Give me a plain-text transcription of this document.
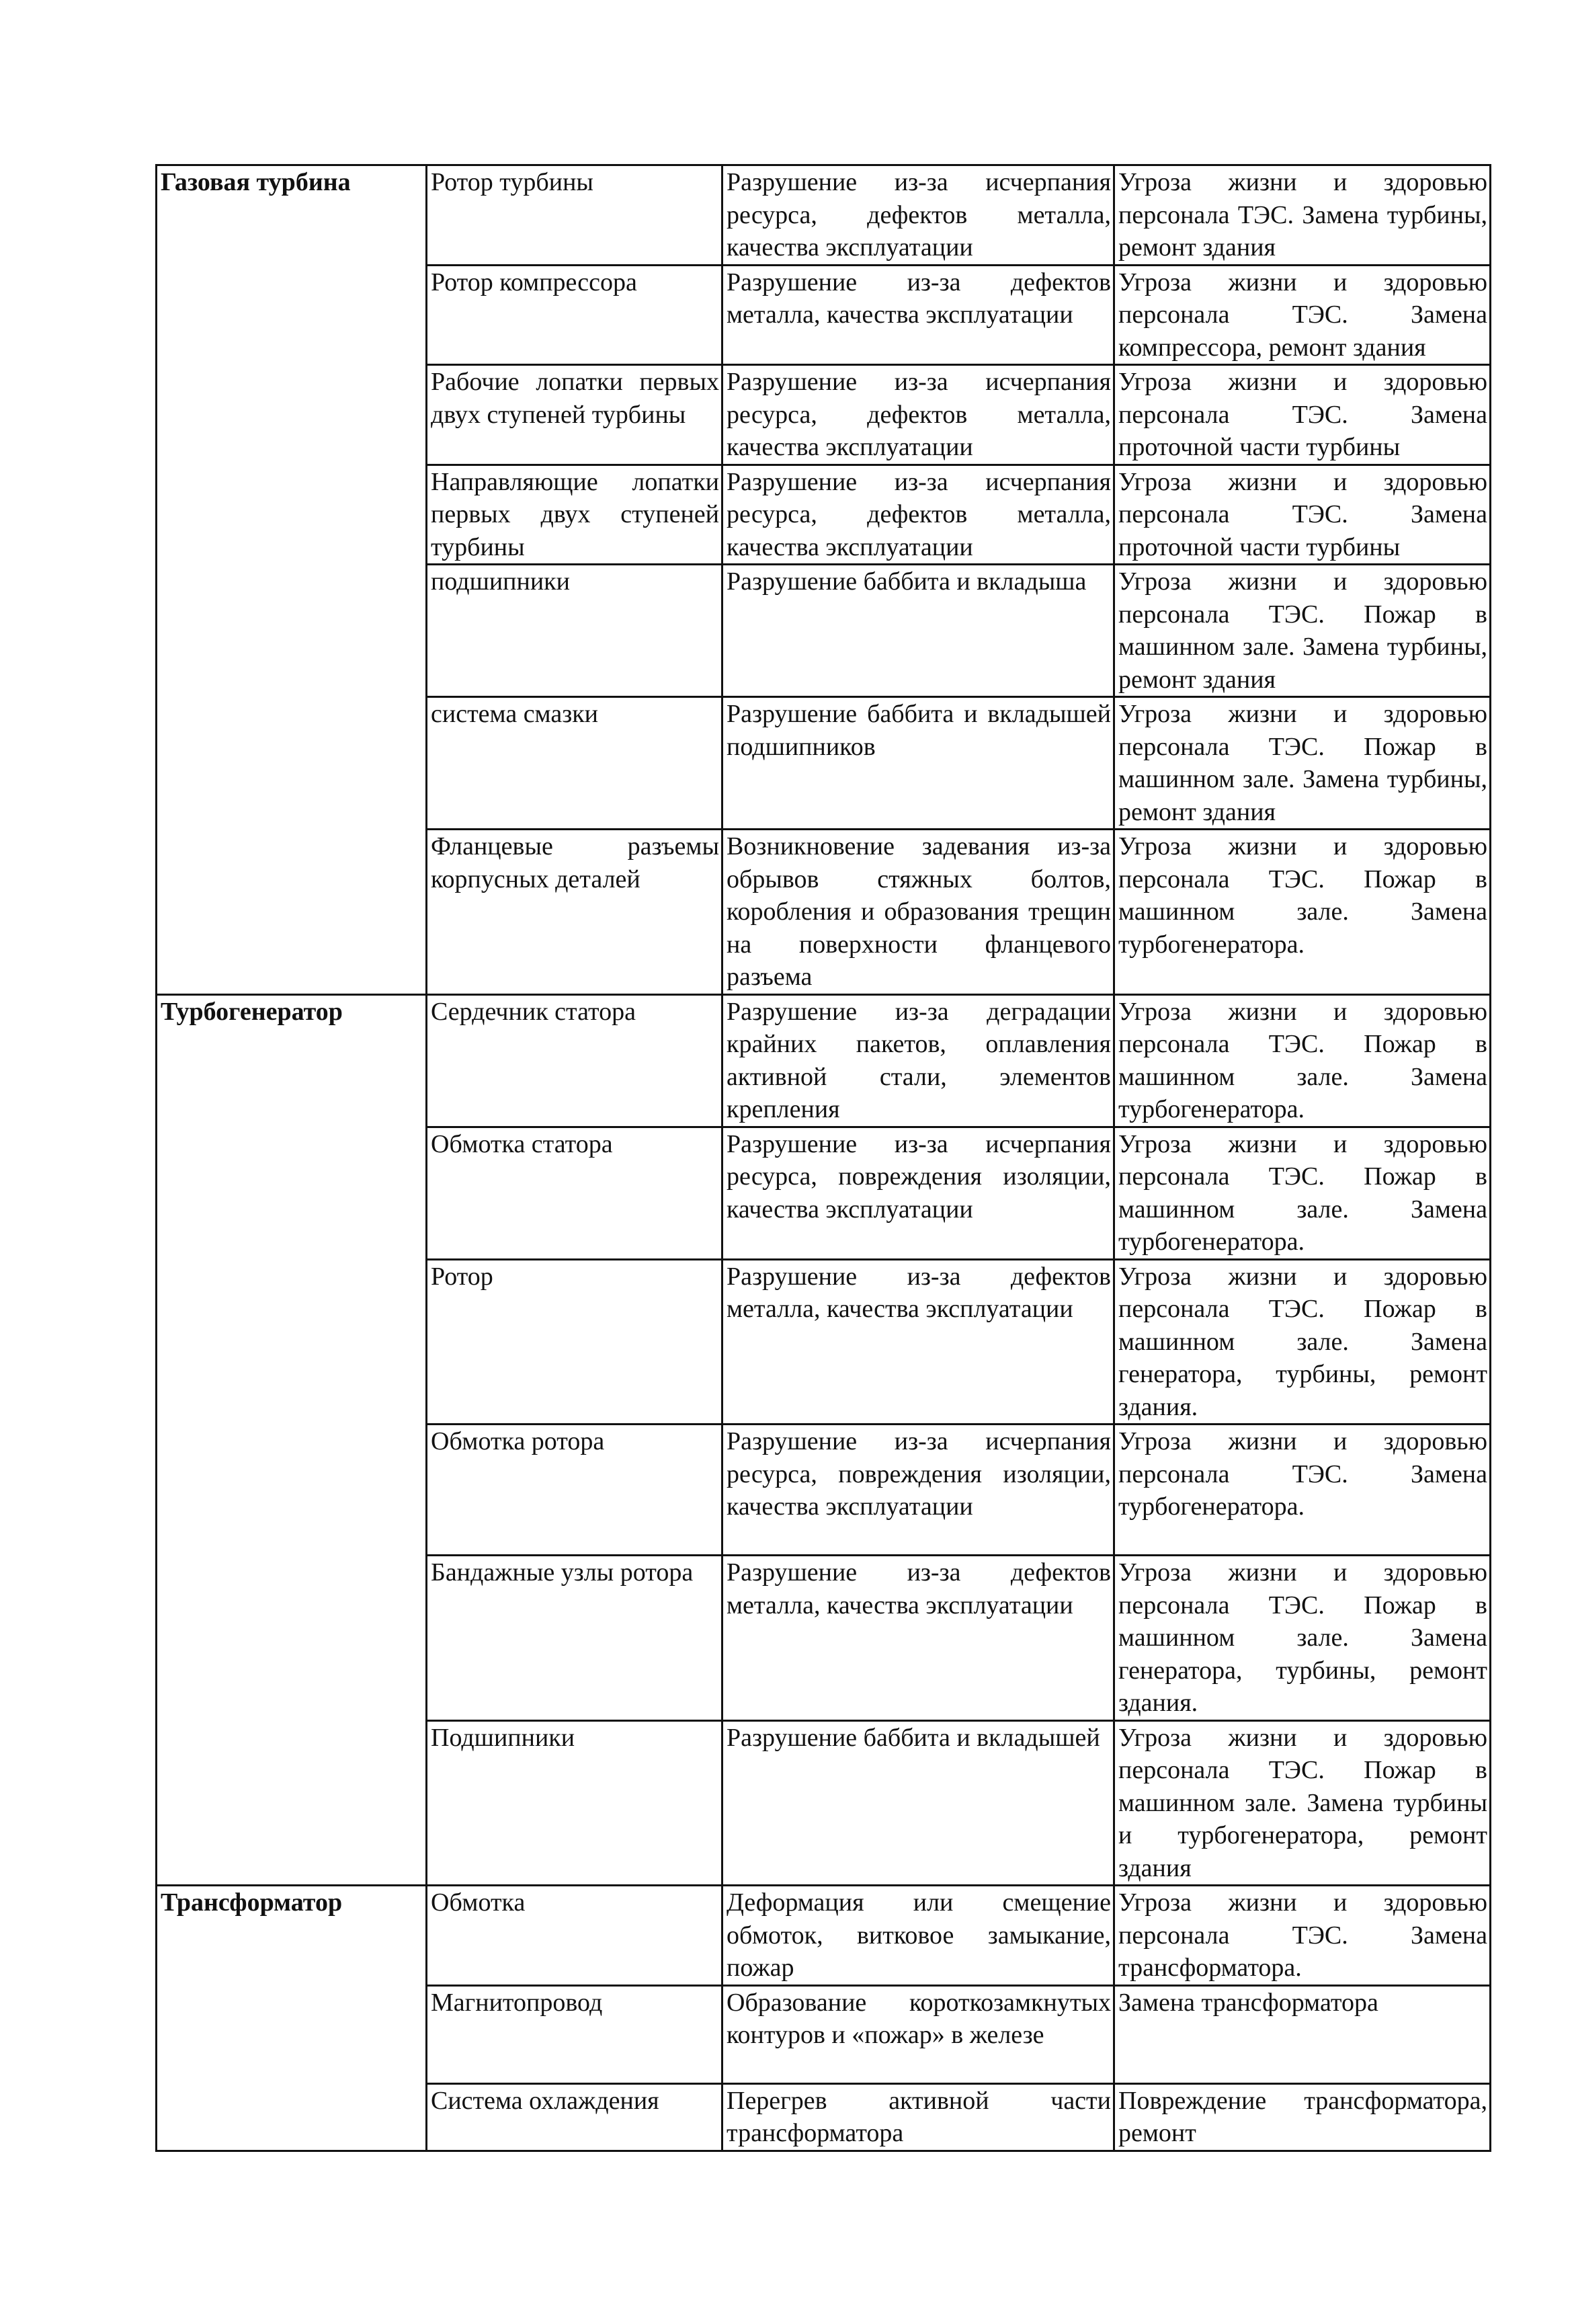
Газовая турбина	Ротор турбины	Разрушение из-за исчерпания ресурса, дефектов металла, качества эксплуатации	Угроза жизни и здоровью персонала ТЭС. Замена турбины, ремонт здания
	Ротор компрессора	Разрушение из-за дефектов металла, качества эксплуатации	Угроза жизни и здоровью персонала ТЭС. Замена компрессора, ремонт здания
	Рабочие лопатки первых двух ступеней турбины	Разрушение из-за исчерпания ресурса, дефектов металла, качества эксплуатации	Угроза жизни и здоровью персонала ТЭС. Замена проточной части турбины
	Направляющие лопатки первых двух ступеней турбины	Разрушение из-за исчерпания ресурса, дефектов металла, качества эксплуатации	Угроза жизни и здоровью персонала ТЭС. Замена проточной части турбины
	подшипники	Разрушение баббита и вкладыша	Угроза жизни и здоровью персонала ТЭС. Пожар в машинном зале. Замена турбины, ремонт здания
	система смазки	Разрушение баббита и вкладышей подшипников	Угроза жизни и здоровью персонала ТЭС. Пожар в машинном зале. Замена турбины, ремонт здания
	Фланцевые разъемы корпусных деталей	Возникновение задевания из-за обрывов стяжных болтов, коробления и образования трещин на поверхности фланцевого разъема	Угроза жизни и здоровью персонала ТЭС. Пожар в машинном зале. Замена турбогенератора.
Турбогенератор	Сердечник статора	Разрушение из-за деградации крайних пакетов, оплавления активной стали, элементов крепления	Угроза жизни и здоровью персонала ТЭС. Пожар в машинном зале. Замена турбогенератора.
	Обмотка статора	Разрушение из-за исчерпания ресурса, повреждения изоляции, качества эксплуатации	Угроза жизни и здоровью персонала ТЭС. Пожар в машинном зале. Замена турбогенератора.
	Ротор	Разрушение из-за дефектов металла, качества эксплуатации	Угроза жизни и здоровью персонала ТЭС. Пожар в машинном зале. Замена генератора, турбины, ремонт здания.
	Обмотка ротора	Разрушение из-за исчерпания ресурса, повреждения изоляции, качества эксплуатации	Угроза жизни и здоровью персонала ТЭС. Замена турбогенератора.
	Бандажные узлы ротора	Разрушение из-за дефектов металла, качества эксплуатации	Угроза жизни и здоровью персонала ТЭС. Пожар в машинном зале. Замена генератора, турбины, ремонт здания.
	Подшипники	Разрушение баббита и вкладышей	Угроза жизни и здоровью персонала ТЭС. Пожар в машинном зале. Замена турбины и турбогенератора, ремонт здания
Трансформатор	Обмотка	Деформация или смещение обмоток, витковое замыкание, пожар	Угроза жизни и здоровью персонала ТЭС. Замена трансформатора.
	Магнитопровод	Образование короткозамкнутых контуров и «пожар» в железе	Замена трансформатора
	Система охлаждения	Перегрев активной части трансформатора	Повреждение трансформатора, ремонт
